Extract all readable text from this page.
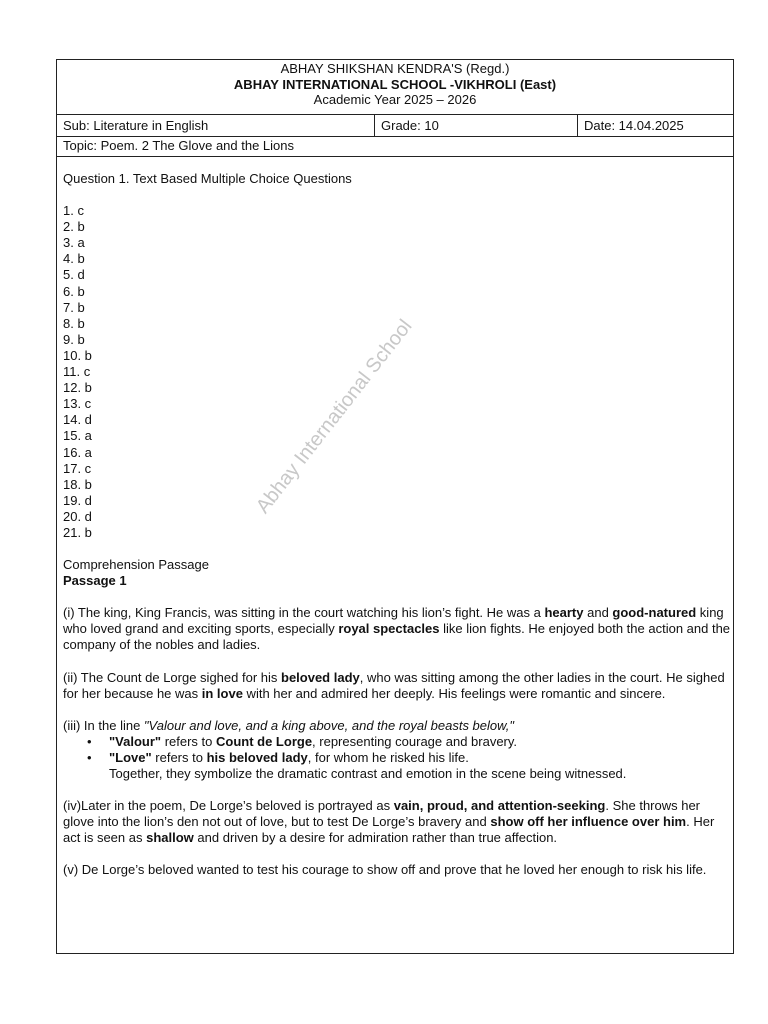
ABHAY SHIKSHAN KENDRA'S (Regd.)
ABHAY INTERNATIONAL SCHOOL -VIKHROLI (East)
Academic Year 2025 – 2026
Sub: Literature in English	Grade: 10	Date: 14.04.2025
Topic: Poem. 2 The Glove and the Lions

Question 1. Text Based Multiple Choice Questions

1. c
2. b
3. a
4. b
5. d
6. b
7. b
8. b
9. b
10. b
11. c
12. b
13. c
14. d
15. a
16. a
17. c
18. b
19. d
20. d
21. b

Comprehension Passage

Passage 1

(i) The king, King Francis, was sitting in the court watching his lion’s fight. He was a hearty and good-natured king who loved grand and exciting sports, especially royal spectacles like lion fights. He enjoyed both the action and the company of the nobles and ladies.

(ii) The Count de Lorge sighed for his beloved lady, who was sitting among the other ladies in the court. He sighed for her because he was in love with her and admired her deeply. His feelings were romantic and sincere.

(iii) In the line "Valour and love, and a king above, and the royal beasts below,"

• "Valour" refers to Count de Lorge, representing courage and bravery.
• "Love" refers to his beloved lady, for whom he risked his life.

Together, they symbolize the dramatic contrast and emotion in the scene being witnessed.

(iv)Later in the poem, De Lorge’s beloved is portrayed as vain, proud, and attention-seeking. She throws her glove into the lion’s den not out of love, but to test De Lorge’s bravery and show off her influence over him. Her act is seen as shallow and driven by a desire for admiration rather than true affection.

(v) De Lorge’s beloved wanted to test his courage to show off and prove that he loved her enough to risk his life.

Abhay International School
